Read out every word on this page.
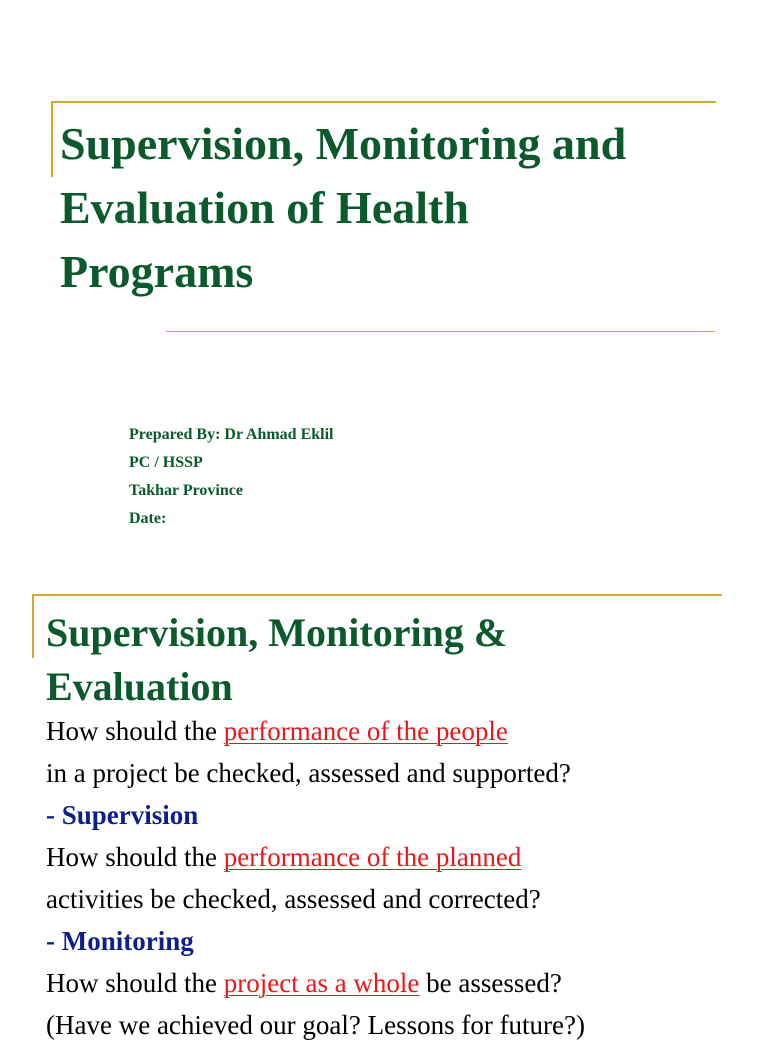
Supervision, Monitoring and
Evaluation of Health
Programs
Prepared By: Dr Ahmad Eklil
PC / HSSP
Takhar Province
Date:
Supervision, Monitoring &
Evaluation
How should the performance of the people
in a project be checked, assessed and supported?
- Supervision
How should the performance of the planned
activities be checked, assessed and corrected?
- Monitoring
How should the project as a whole be assessed?
(Have we achieved our goal? Lessons for future?)
